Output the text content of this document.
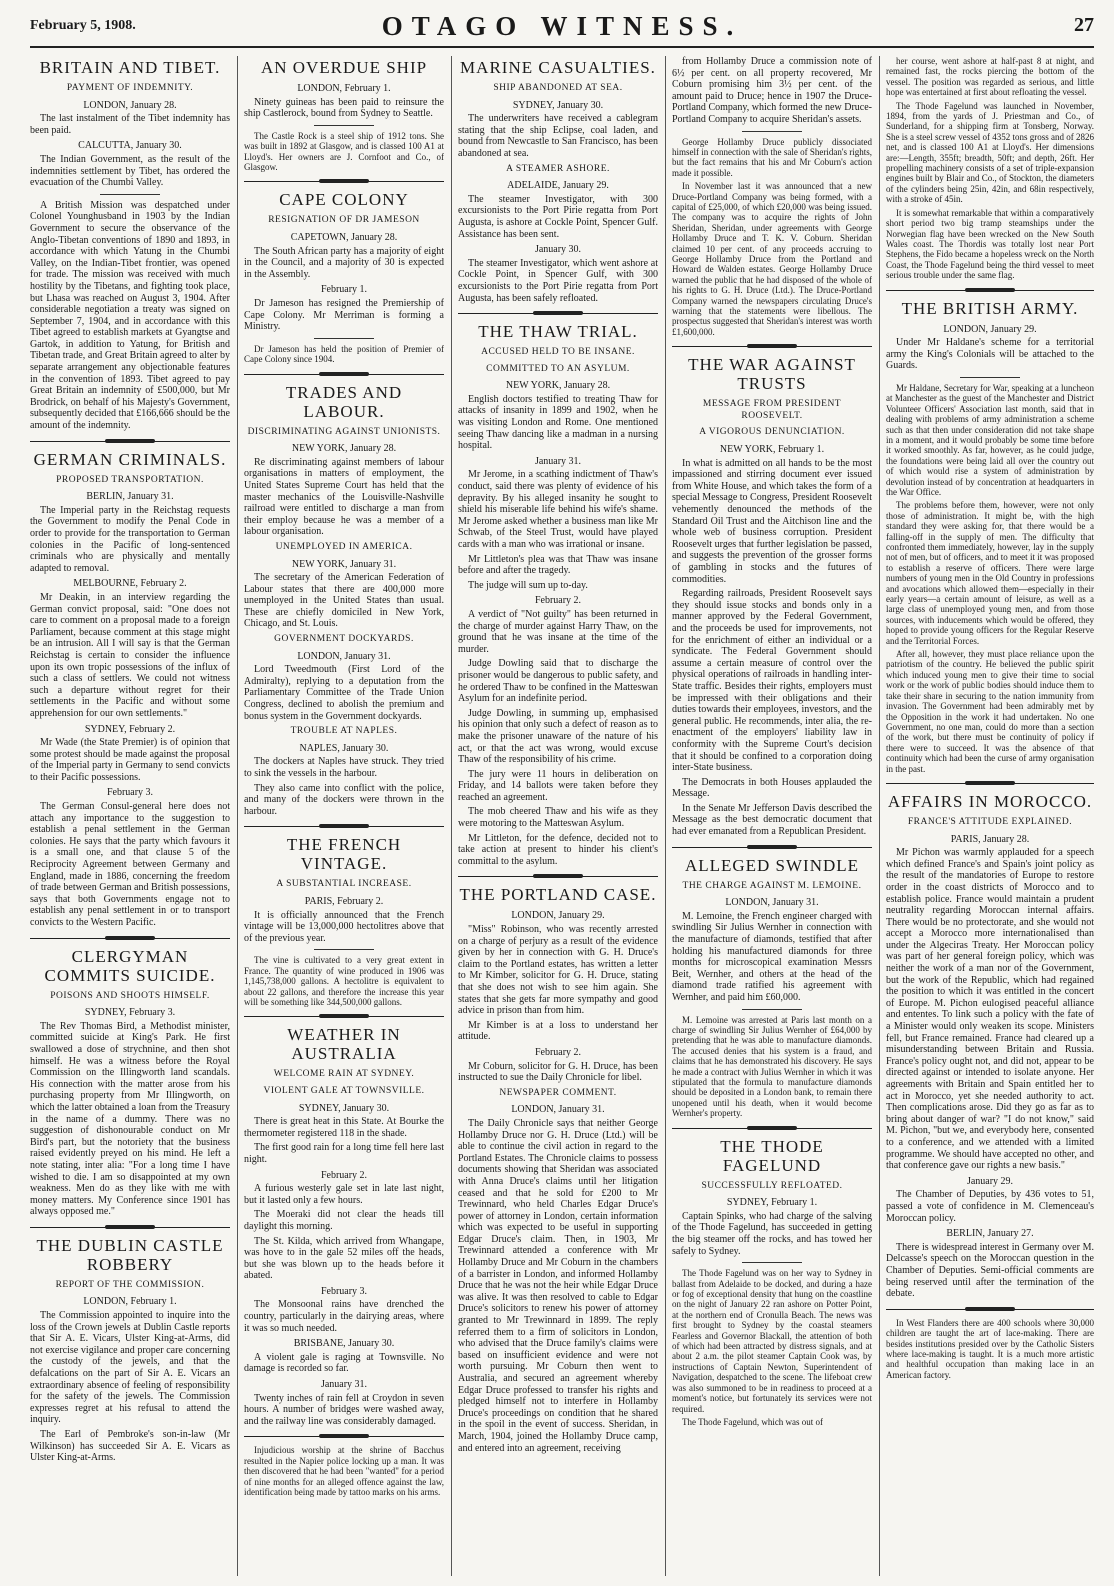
February 5, 1908.	OTAGO WITNESS.	27
BRITAIN AND TIBET.
PAYMENT OF INDEMNITY.
LONDON, January 28.

The last instalment of the Tibet indemnity has been paid.

CALCUTTA, January 30.

The Indian Government, as the result of the indemnities settlement by Tibet, has ordered the evacuation of the Chumbi Valley.

A British Mission was despatched under Colonel Younghusband in 1903 by the Indian Government to secure the observance of the Anglo-Tibetan conventions of 1890 and 1893, in accordance with which Yatung in the Chumbi Valley, on the Indian-Tibet frontier, was opened for trade. The mission was received with much hostility by the Tibetans, and fighting took place, but Lhasa was reached on August 3, 1904. After considerable negotiation a treaty was signed on September 7, 1904, and in accordance with this Tibet agreed to establish markets at Gyangtse and Gartok, in addition to Yatung, for British and Tibetan trade, and Great Britain agreed to alter by separate arrangement any objectionable features in the convention of 1893. Tibet agreed to pay Great Britain an indemnity of £500,000, but Mr Brodrick, on behalf of his Majesty's Government, subsequently decided that £166,666 should be the amount of the indemnity.

GERMAN CRIMINALS.
PROPOSED TRANSPORTATION.
BERLIN, January 31.

The Imperial party in the Reichstag requests the Government to modify the Penal Code in order to provide for the transportation to German colonies in the Pacific of long-sentenced criminals who are physically and mentally adapted to removal.

MELBOURNE, February 2.

Mr Deakin, in an interview regarding the German convict proposal, said: "One does not care to comment on a proposal made to a foreign Parliament, because comment at this stage might be an intrusion. All I will say is that the German Reichstag is certain to consider the influence upon its own tropic possessions of the influx of such a class of settlers. We could not witness such a departure without regret for their settlements in the Pacific and without some apprehension for our own settlements."

SYDNEY, February 2.

Mr Wade (the State Premier) is of opinion that some protest should be made against the proposal of the Imperial party in Germany to send convicts to their Pacific possessions.

February 3.

The German Consul-general here does not attach any importance to the suggestion to establish a penal settlement in the German colonies. He says that the party which favours it is a small one, and that clause 5 of the Reciprocity Agreement between Germany and England, made in 1886, concerning the freedom of trade between German and British possessions, says that both Governments engage not to establish any penal settlement in or to transport convicts to the Western Pacific.

CLERGYMAN COMMITS SUICIDE.
POISONS AND SHOOTS HIMSELF.
SYDNEY, February 3.

The Rev Thomas Bird, a Methodist minister, committed suicide at King's Park. He first swallowed a dose of strychnine, and then shot himself. He was a witness before the Royal Commission on the Illingworth land scandals. His connection with the matter arose from his purchasing property from Mr Illingworth, on which the latter obtained a loan from the Treasury in the name of a dummy. There was no suggestion of dishonourable conduct on Mr Bird's part, but the notoriety that the business raised evidently preyed on his mind. He left a note stating, inter alia: "For a long time I have wished to die. I am so disappointed at my own weakness. Men do as they like with me with money matters. My Conference since 1901 has always opposed me."

THE DUBLIN CASTLE ROBBERY
REPORT OF THE COMMISSION.
LONDON, February 1.

The Commission appointed to inquire into the loss of the Crown jewels at Dublin Castle reports that Sir A. E. Vicars, Ulster King-at-Arms, did not exercise vigilance and proper care concerning the custody of the jewels, and that the defalcations on the part of Sir A. E. Vicars an extraordinary absence of feeling of responsibility for the safety of the jewels. The Commission expresses regret at his refusal to attend the inquiry.

The Earl of Pembroke's son-in-law (Mr Wilkinson) has succeeded Sir A. E. Vicars as Ulster King-at-Arms.

AN OVERDUE SHIP
LONDON, February 1.

Ninety guineas has been paid to reinsure the ship Castlerock, bound from Sydney to Seattle.

The Castle Rock is a steel ship of 1912 tons. She was built in 1892 at Glasgow, and is classed 100 A1 at Lloyd's. Her owners are J. Cornfoot and Co., of Glasgow.

CAPE COLONY
RESIGNATION OF DR JAMESON
CAPETOWN, January 28.

The South African party has a majority of eight in the Council, and a majority of 30 is expected in the Assembly.

February 1.

Dr Jameson has resigned the Premiership of Cape Colony. Mr Merriman is forming a Ministry.

Dr Jameson has held the position of Premier of Cape Colony since 1904.

TRADES AND LABOUR.
DISCRIMINATING AGAINST UNIONISTS.
NEW YORK, January 28.

Re discriminating against members of labour organisations in matters of employment, the United States Supreme Court has held that the master mechanics of the Louisville-Nashville railroad were entitled to discharge a man from their employ because he was a member of a labour organisation.

UNEMPLOYED IN AMERICA.
NEW YORK, January 31.

The secretary of the American Federation of Labour states that there are 400,000 more unemployed in the United States than usual. These are chiefly domiciled in New York, Chicago, and St. Louis.

GOVERNMENT DOCKYARDS.
LONDON, January 31.

Lord Tweedmouth (First Lord of the Admiralty), replying to a deputation from the Parliamentary Committee of the Trade Union Congress, declined to abolish the premium and bonus system in the Government dockyards.

TROUBLE AT NAPLES.
NAPLES, January 30.

The dockers at Naples have struck. They tried to sink the vessels in the harbour.

They also came into conflict with the police, and many of the dockers were thrown in the harbour.

THE FRENCH VINTAGE.
A SUBSTANTIAL INCREASE.
PARIS, February 2.

It is officially announced that the French vintage will be 13,000,000 hectolitres above that of the previous year.

The vine is cultivated to a very great extent in France. The quantity of wine produced in 1906 was 1,145,738,000 gallons. A hectolitre is equivalent to about 22 gallons, and therefore the increase this year will be something like 344,500,000 gallons.

WEATHER IN AUSTRALIA
WELCOME RAIN AT SYDNEY.
VIOLENT GALE AT TOWNSVILLE.
SYDNEY, January 30.

There is great heat in this State. At Bourke the thermometer registered 118 in the shade.

The first good rain for a long time fell here last night.

February 2.

A furious westerly gale set in late last night, but it lasted only a few hours.

The Moeraki did not clear the heads till daylight this morning.

The St. Kilda, which arrived from Whangape, was hove to in the gale 52 miles off the heads, but she was blown up to the heads before it abated.

February 3.

The Monsoonal rains have drenched the country, particularly in the dairying areas, where it was so much needed.

BRISBANE, January 30.

A violent gale is raging at Townsville. No damage is recorded so far.

January 31.

Twenty inches of rain fell at Croydon in seven hours. A number of bridges were washed away, and the railway line was considerably damaged.

Injudicious worship at the shrine of Bacchus resulted in the Napier police locking up a man. It was then discovered that he had been "wanted" for a period of nine months for an alleged offence against the law, identification being made by tattoo marks on his arms.

MARINE CASUALTIES.
SHIP ABANDONED AT SEA.
SYDNEY, January 30.

The underwriters have received a cablegram stating that the ship Eclipse, coal laden, and bound from Newcastle to San Francisco, has been abandoned at sea.

A STEAMER ASHORE.
ADELAIDE, January 29.

The steamer Investigator, with 300 excursionists to the Port Pirie regatta from Port Augusta, is ashore at Cockle Point, Spencer Gulf. Assistance has been sent.

January 30.

The steamer Investigator, which went ashore at Cockle Point, in Spencer Gulf, with 300 excursionists to the Port Pirie regatta from Port Augusta, has been safely refloated.

THE THAW TRIAL.
ACCUSED HELD TO BE INSANE.
COMMITTED TO AN ASYLUM.
NEW YORK, January 28.

English doctors testified to treating Thaw for attacks of insanity in 1899 and 1902, when he was visiting London and Rome. One mentioned seeing Thaw dancing like a madman in a nursing hospital.

January 31.

Mr Jerome, in a scathing indictment of Thaw's conduct, said there was plenty of evidence of his depravity. By his alleged insanity he sought to shield his miserable life behind his wife's shame. Mr Jerome asked whether a business man like Mr Schwab, of the Steel Trust, would have played cards with a man who was irrational or insane.

Mr Littleton's plea was that Thaw was insane before and after the tragedy.

The judge will sum up to-day.

February 2.

A verdict of "Not guilty" has been returned in the charge of murder against Harry Thaw, on the ground that he was insane at the time of the murder.

Judge Dowling said that to discharge the prisoner would be dangerous to public safety, and he ordered Thaw to be confined in the Matteswan Asylum for an indefinite period.

Judge Dowling, in summing up, emphasised his opinion that only such a defect of reason as to make the prisoner unaware of the nature of his act, or that the act was wrong, would excuse Thaw of the responsibility of his crime.

The jury were 11 hours in deliberation on Friday, and 14 ballots were taken before they reached an agreement.

The mob cheered Thaw and his wife as they were motoring to the Matteswan Asylum.

Mr Littleton, for the defence, decided not to take action at present to hinder his client's committal to the asylum.

THE PORTLAND CASE.
LONDON, January 29.

"Miss" Robinson, who was recently arrested on a charge of perjury as a result of the evidence given by her in connection with G. H. Druce's claim to the Portland estates, has written a letter to Mr Kimber, solicitor for G. H. Druce, stating that she does not wish to see him again. She states that she gets far more sympathy and good advice in prison than from him.

Mr Kimber is at a loss to understand her attitude.

February 2.

Mr Coburn, solicitor for G. H. Druce, has been instructed to sue the Daily Chronicle for libel.

NEWSPAPER COMMENT.
LONDON, January 31.

The Daily Chronicle says that neither George Hollamby Druce nor G. H. Druce (Ltd.) will be able to continue the civil action in regard to the Portland Estates. The Chronicle claims to possess documents showing that Sheridan was associated with Anna Druce's claims until her litigation ceased and that he sold for £200 to Mr Trewinnard, who held Charles Edgar Druce's power of attorney in London, certain information which was expected to be useful in supporting Edgar Druce's claim. Then, in 1903, Mr Trewinnard attended a conference with Mr Hollamby Druce and Mr Coburn in the chambers of a barrister in London, and informed Hollamby Druce that he was not the heir while Edgar Druce was alive. It was then resolved to cable to Edgar Druce's solicitors to renew his power of attorney granted to Mr Trewinnard in 1899. The reply referred them to a firm of solicitors in London, who advised that the Druce family's claims were based on insufficient evidence and were not worth pursuing. Mr Coburn then went to Australia, and secured an agreement whereby Edgar Druce professed to transfer his rights and pledged himself not to interfere in Hollamby Druce's proceedings on condition that he shared in the spoil in the event of success. Sheridan, in March, 1904, joined the Hollamby Druce camp, and entered into an agreement, receiving

from Hollamby Druce a commission note of 6½ per cent. on all property recovered, Mr Coburn promising him 3½ per cent. of the amount paid to Druce; hence in 1907 the Druce-Portland Company, which formed the new Druce-Portland Company to acquire Sheridan's assets.

George Hollamby Druce publicly dissociated himself in connection with the sale of Sheridan's rights, but the fact remains that his and Mr Coburn's action made it possible.

In November last it was announced that a new Druce-Portland Company was being formed, with a capital of £25,000, of which £20,000 was being issued. The company was to acquire the rights of John Sheridan, Sheridan, under agreements with George Hollamby Druce and T. K. V. Coburn. Sheridan claimed 10 per cent. of any proceeds accruing to George Hollamby Druce from the Portland and Howard de Walden estates. George Hollamby Druce warned the public that he had disposed of the whole of his rights to G. H. Druce (Ltd.). The Druce-Portland Company warned the newspapers circulating Druce's warning that the statements were libellous. The prospectus suggested that Sheridan's interest was worth £1,600,000.

THE WAR AGAINST TRUSTS
MESSAGE FROM PRESIDENT ROOSEVELT.
A VIGOROUS DENUNCIATION.
NEW YORK, February 1.

In what is admitted on all hands to be the most impassioned and stirring document ever issued from White House, and which takes the form of a special Message to Congress, President Roosevelt vehemently denounced the methods of the Standard Oil Trust and the Aitchison line and the whole web of business corruption. President Roosevelt urges that further legislation be passed, and suggests the prevention of the grosser forms of gambling in stocks and the futures of commodities.

Regarding railroads, President Roosevelt says they should issue stocks and bonds only in a manner approved by the Federal Government, and the proceeds be used for improvements, not for the enrichment of either an individual or a syndicate. The Federal Government should assume a certain measure of control over the physical operations of railroads in handling inter-State traffic. Besides their rights, employers must be impressed with their obligations and their duties towards their employees, investors, and the general public. He recommends, inter alia, the re-enactment of the employers' liability law in conformity with the Supreme Court's decision that it should be confined to a corporation doing inter-State business.

The Democrats in both Houses applauded the Message.

In the Senate Mr Jefferson Davis described the Message as the best democratic document that had ever emanated from a Republican President.

ALLEGED SWINDLE
THE CHARGE AGAINST M. LEMOINE.
LONDON, January 31.

M. Lemoine, the French engineer charged with swindling Sir Julius Wernher in connection with the manufacture of diamonds, testified that after holding his manufactured diamonds for three months for microscopical examination Messrs Beit, Wernher, and others at the head of the diamond trade ratified his agreement with Wernher, and paid him £60,000.

M. Lemoine was arrested at Paris last month on a charge of swindling Sir Julius Wernher of £64,000 by pretending that he was able to manufacture diamonds. The accused denies that his system is a fraud, and claims that he has demonstrated his discovery. He says he made a contract with Julius Wernher in which it was stipulated that the formula to manufacture diamonds should be deposited in a London bank, to remain there unopened until his death, when it would become Wernher's property.

THE THODE FAGELUND
SUCCESSFULLY REFLOATED.
SYDNEY, February 1.

Captain Spinks, who had charge of the salving of the Thode Fagelund, has succeeded in getting the big steamer off the rocks, and has towed her safely to Sydney.

The Thode Fagelund was on her way to Sydney in ballast from Adelaide to be docked, and during a haze or fog of exceptional density that hung on the coastline on the night of January 22 ran ashore on Potter Point, at the northern end of Cronulla Beach. The news was first brought to Sydney by the coastal steamers Fearless and Governor Blackall, the attention of both of which had been attracted by distress signals, and at about 2 a.m. the pilot steamer Captain Cook was, by instructions of Captain Newton, Superintendent of Navigation, despatched to the scene. The lifeboat crew was also summoned to be in readiness to proceed at a moment's notice, but fortunately its services were not required.

The Thode Fagelund, which was out of

her course, went ashore at half-past 8 at night, and remained fast, the rocks piercing the bottom of the vessel. The position was regarded as serious, and little hope was entertained at first about refloating the vessel.

The Thode Fagelund was launched in November, 1894, from the yards of J. Priestman and Co., of Sunderland, for a shipping firm at Tonsberg, Norway. She is a steel screw vessel of 4352 tons gross and of 2826 net, and is classed 100 A1 at Lloyd's. Her dimensions are:—Length, 355ft; breadth, 50ft; and depth, 26ft. Her propelling machinery consists of a set of triple-expansion engines built by Blair and Co., of Stockton, the diameters of the cylinders being 25in, 42in, and 68in respectively, with a stroke of 45in.

It is somewhat remarkable that within a comparatively short period two big tramp steamships under the Norwegian flag have been wrecked on the New South Wales coast. The Thordis was totally lost near Port Stephens, the Fido became a hopeless wreck on the North Coast, the Thode Fagelund being the third vessel to meet serious trouble under the same flag.

THE BRITISH ARMY.
LONDON, January 29.

Under Mr Haldane's scheme for a territorial army the King's Colonials will be attached to the Guards.

Mr Haldane, Secretary for War, speaking at a luncheon at Manchester as the guest of the Manchester and District Volunteer Officers' Association last month, said that in dealing with problems of army administration a scheme such as that then under consideration did not take shape in a moment, and it would probably be some time before it worked smoothly. As far, however, as he could judge, the foundations were being laid all over the country out of which would rise a system of administration by devolution instead of by concentration at headquarters in the War Office.

The problems before them, however, were not only those of administration. It might be, with the high standard they were asking for, that there would be a falling-off in the supply of men. The difficulty that confronted them immediately, however, lay in the supply not of men, but of officers, and to meet it it was proposed to establish a reserve of officers. There were large numbers of young men in the Old Country in professions and avocations which allowed them—especially in their early years—a certain amount of leisure, as well as a large class of unemployed young men, and from those sources, with inducements which would be offered, they hoped to provide young officers for the Regular Reserve and the Territorial Forces.

After all, however, they must place reliance upon the patriotism of the country. He believed the public spirit which induced young men to give their time to social work or the work of public bodies should induce them to take their share in securing to the nation immunity from invasion. The Government had been admirably met by the Opposition in the work it had undertaken. No one Government, no one man, could do more than a section of the work, but there must be continuity of policy if there were to succeed. It was the absence of that continuity which had been the curse of army organisation in the past.

AFFAIRS IN MOROCCO.
FRANCE'S ATTITUDE EXPLAINED.
PARIS, January 28.

Mr Pichon was warmly applauded for a speech which defined France's and Spain's joint policy as the result of the mandatories of Europe to restore order in the coast districts of Morocco and to establish police. France would maintain a prudent neutrality regarding Moroccan internal affairs. There would be no protectorate, and she would not accept a Morocco more internationalised than under the Algeciras Treaty. Her Moroccan policy was part of her general foreign policy, which was neither the work of a man nor of the Government, but the work of the Republic, which had regained the position to which it was entitled in the concert of Europe. M. Pichon eulogised peaceful alliance and ententes. To link such a policy with the fate of a Minister would only weaken its scope. Ministers fell, but France remained. France had cleared up a misunderstanding between Britain and Russia. France's policy ought not, and did not, appear to be directed against or intended to isolate anyone. Her agreements with Britain and Spain entitled her to act in Morocco, yet she needed authority to act. Then complications arose. Did they go as far as to bring about danger of war? "I do not know," said M. Pichon, "but we, and everybody here, consented to a conference, and we attended with a limited programme. We should have accepted no other, and that conference gave our rights a new basis."

January 29.

The Chamber of Deputies, by 436 votes to 51, passed a vote of confidence in M. Clemenceau's Moroccan policy.

BERLIN, January 27.

There is widespread interest in Germany over M. Delcasse's speech on the Moroccan question in the Chamber of Deputies. Semi-official comments are being reserved until after the termination of the debate.

In West Flanders there are 400 schools where 30,000 children are taught the art of lace-making. There are besides institutions presided over by the Catholic Sisters where lace-making is taught. It is a much more artistic and healthful occupation than making lace in an American factory.
